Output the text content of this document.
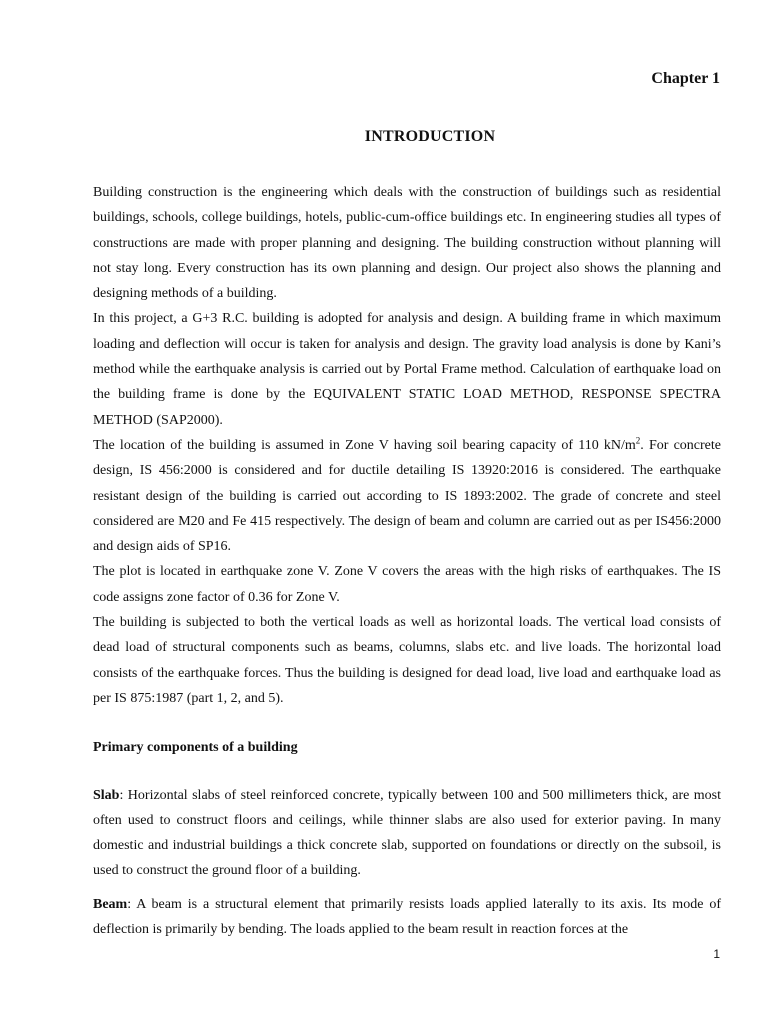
Chapter 1
INTRODUCTION

Building construction is the engineering which deals with the construction of buildings such as residential buildings, schools, college buildings, hotels, public-cum-office buildings etc. In engineering studies all types of constructions are made with proper planning and designing. The building construction without planning will not stay long. Every construction has its own planning and design. Our project also shows the planning and designing methods of a building.

In this project, a G+3 R.C. building is adopted for analysis and design. A building frame in which maximum loading and deflection will occur is taken for analysis and design. The gravity load analysis is done by Kani’s method while the earthquake analysis is carried out by Portal Frame method. Calculation of earthquake load on the building frame is done by the EQUIVALENT STATIC LOAD METHOD, RESPONSE SPECTRA METHOD (SAP2000).

The location of the building is assumed in Zone V having soil bearing capacity of 110 $kN/m^2$. For concrete design, IS 456:2000 is considered and for ductile detailing IS 13920:2016 is considered. The earthquake resistant design of the building is carried out according to IS 1893:2002. The grade of concrete and steel considered are M20 and Fe 415 respectively. The design of beam and column are carried out as per IS456:2000 and design aids of SP16.

The plot is located in earthquake zone V. Zone V covers the areas with the high risks of earthquakes. The IS code assigns zone factor of 0.36 for Zone V.

The building is subjected to both the vertical loads as well as horizontal loads. The vertical load consists of dead load of structural components such as beams, columns, slabs etc. and live loads. The horizontal load consists of the earthquake forces. Thus the building is designed for dead load, live load and earthquake load as per IS 875:1987 (part 1, 2, and 5).

Primary components of a building

Slab: Horizontal slabs of steel reinforced concrete, typically between 100 and 500 millimeters thick, are most often used to construct floors and ceilings, while thinner slabs are also used for exterior paving. In many domestic and industrial buildings a thick concrete slab, supported on foundations or directly on the subsoil, is used to construct the ground floor of a building.

Beam: A beam is a structural element that primarily resists loads applied laterally to its axis. Its mode of deflection is primarily by bending. The loads applied to the beam result in reaction forces at the

1
